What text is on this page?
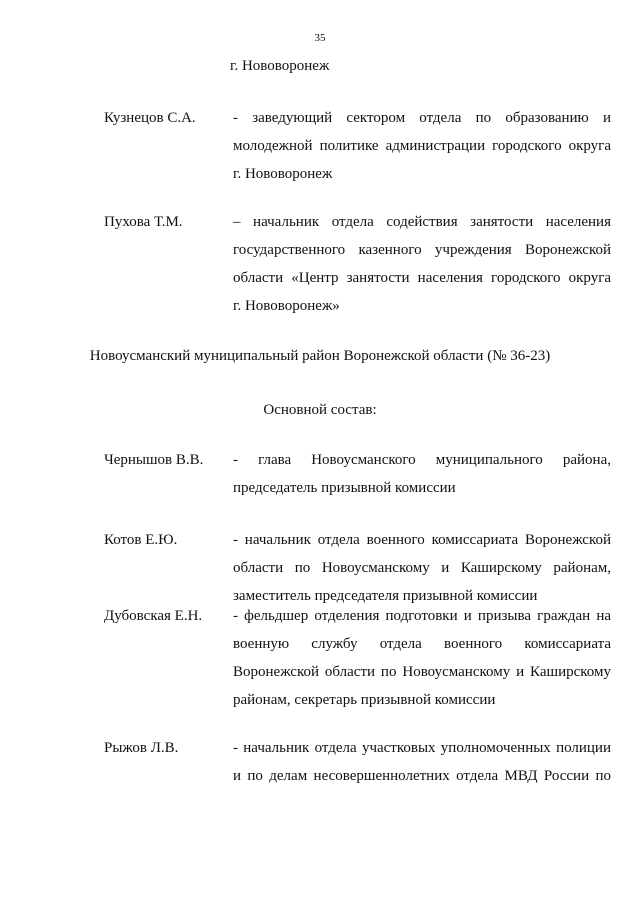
35
г. Нововоронеж
Кузнецов С.А. - заведующий сектором отдела по образованию и
молодежной политике администрации городского округа
г. Нововоронеж
Пухова Т.М.	– начальник отдела содействия занятости населения
государственного казенного учреждения Воронежской
области «Центр занятости населения городского округа
г. Нововоронеж»
Новоусманский муниципальный район Воронежской области (№ 36-23)
Основной состав:
Чернышов В.В. - глава Новоусманского муниципального района,
председатель призывной комиссии
Котов Е.Ю.	- начальник отдела военного комиссариата Воронежской
области по Новоусманскому и Каширскому районам,
заместитель председателя призывной комиссии
Дубовская Е.Н. - фельдшер отделения подготовки и призыва граждан на
военную службу отдела военного комиссариата
Воронежской области по Новоусманскому и Каширскому
районам, секретарь призывной комиссии
Рыжов Л.В.	- начальник отдела участковых уполномоченных полиции
и по делам несовершеннолетних отдела МВД России по
